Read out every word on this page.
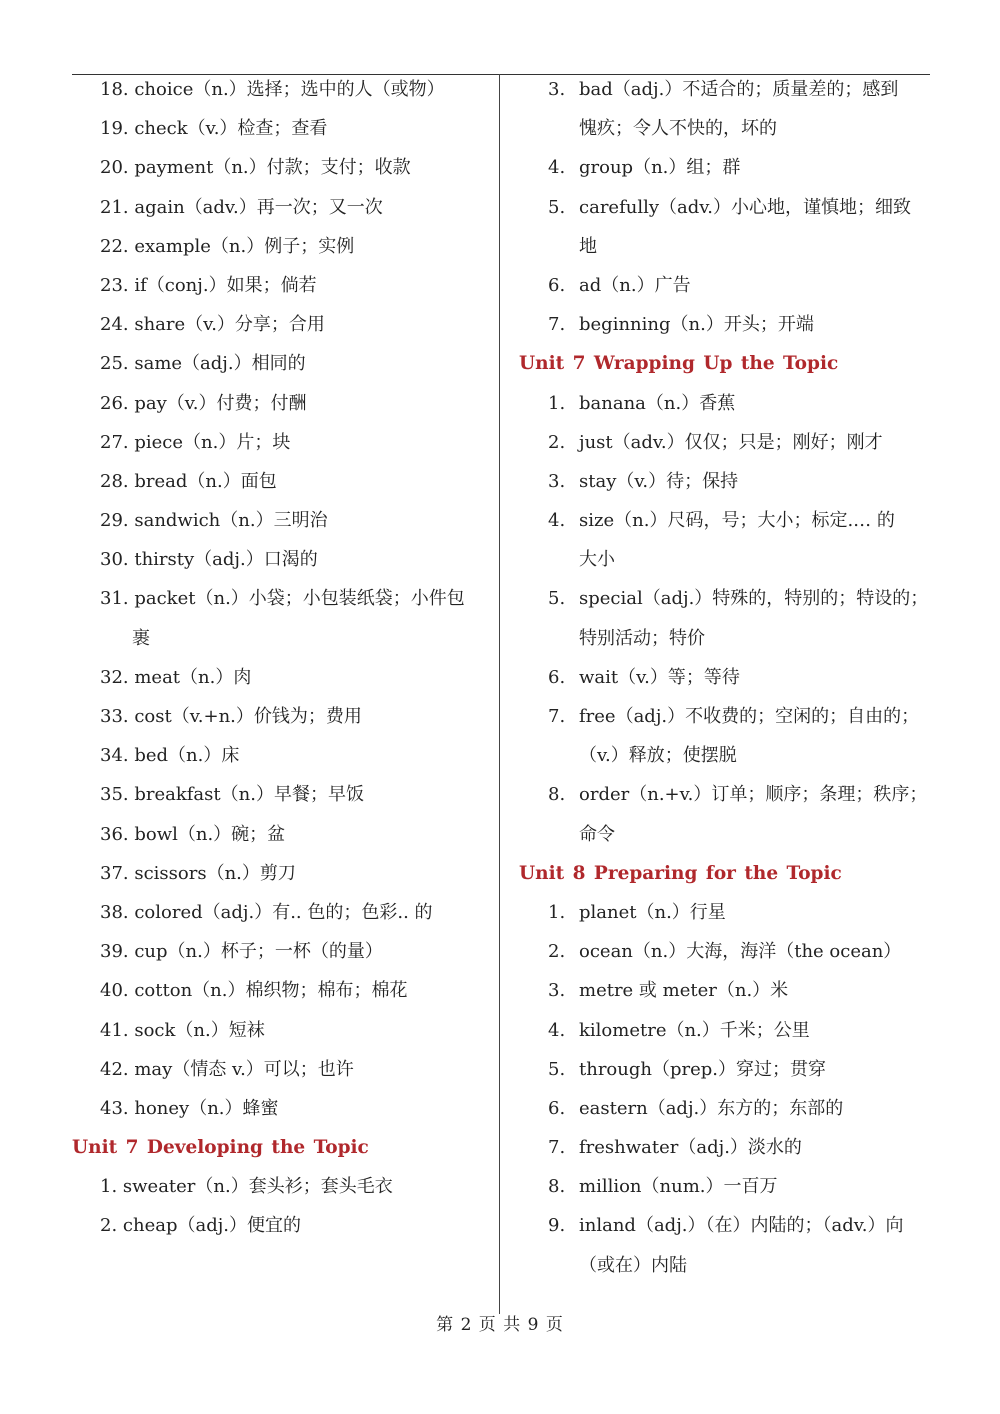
18. choice（n.）选择；选中的人（或物）
19. check（v.）检查；查看
20. payment（n.）付款；支付；收款
21. again（adv.）再一次；又一次
22. example（n.）例子；实例
23. if（conj.）如果；倘若
24. share（v.）分享；合用
25. same（adj.）相同的
26. pay（v.）付费；付酬
27. piece（n.）片；块
28. bread（n.）面包
29. sandwich（n.）三明治
30. thirsty（adj.）口渴的
31. packet（n.）小袋；小包装纸袋；小件包
裹
32. meat（n.）肉
33. cost（v.+n.）价钱为；费用
34. bed（n.）床
35. breakfast（n.）早餐；早饭
36. bowl（n.）碗；盆
37. scissors（n.）剪刀
38. colored（adj.）有.. 色的；色彩.. 的
39. cup（n.）杯子；一杯（的量）
40. cotton（n.）棉织物；棉布；棉花
41. sock（n.）短袜
42. may（情态 v.）可以；也许
43. honey（n.）蜂蜜
Unit 7 Developing the Topic
1. sweater（n.）套头衫；套头毛衣
2. cheap（adj.）便宜的
3. bad（adj.）不适合的；质量差的；感到
愧疚；令人不快的，坏的
4. group（n.）组；群
5. carefully（adv.）小心地，谨慎地；细致
地
6. ad（n.）广告
7. beginning（n.）开头；开端
Unit 7 Wrapping Up the Topic
1. banana（n.）香蕉
2. just（adv.）仅仅；只是；刚好；刚才
3. stay（v.）待；保持
4. size（n.）尺码，号；大小；标定.… 的
大小
5. special（adj.）特殊的，特别的；特设的；
特别活动；特价
6. wait（v.）等；等待
7. free（adj.）不收费的；空闲的；自由的；
（v.）释放；使摆脱
8. order（n.+v.）订单；顺序；条理；秩序；
命令
Unit 8 Preparing for the Topic
1. planet（n.）行星
2. ocean（n.）大海，海洋（the ocean）
3. metre 或 meter（n.）米
4. kilometre（n.）千米；公里
5. through（prep.）穿过；贯穿
6. eastern（adj.）东方的；东部的
7. freshwater（adj.）淡水的
8. million（num.）一百万
9. inland（adj.）（在）内陆的；（adv.）向
（或在）内陆
第 2 页 共 9 页
